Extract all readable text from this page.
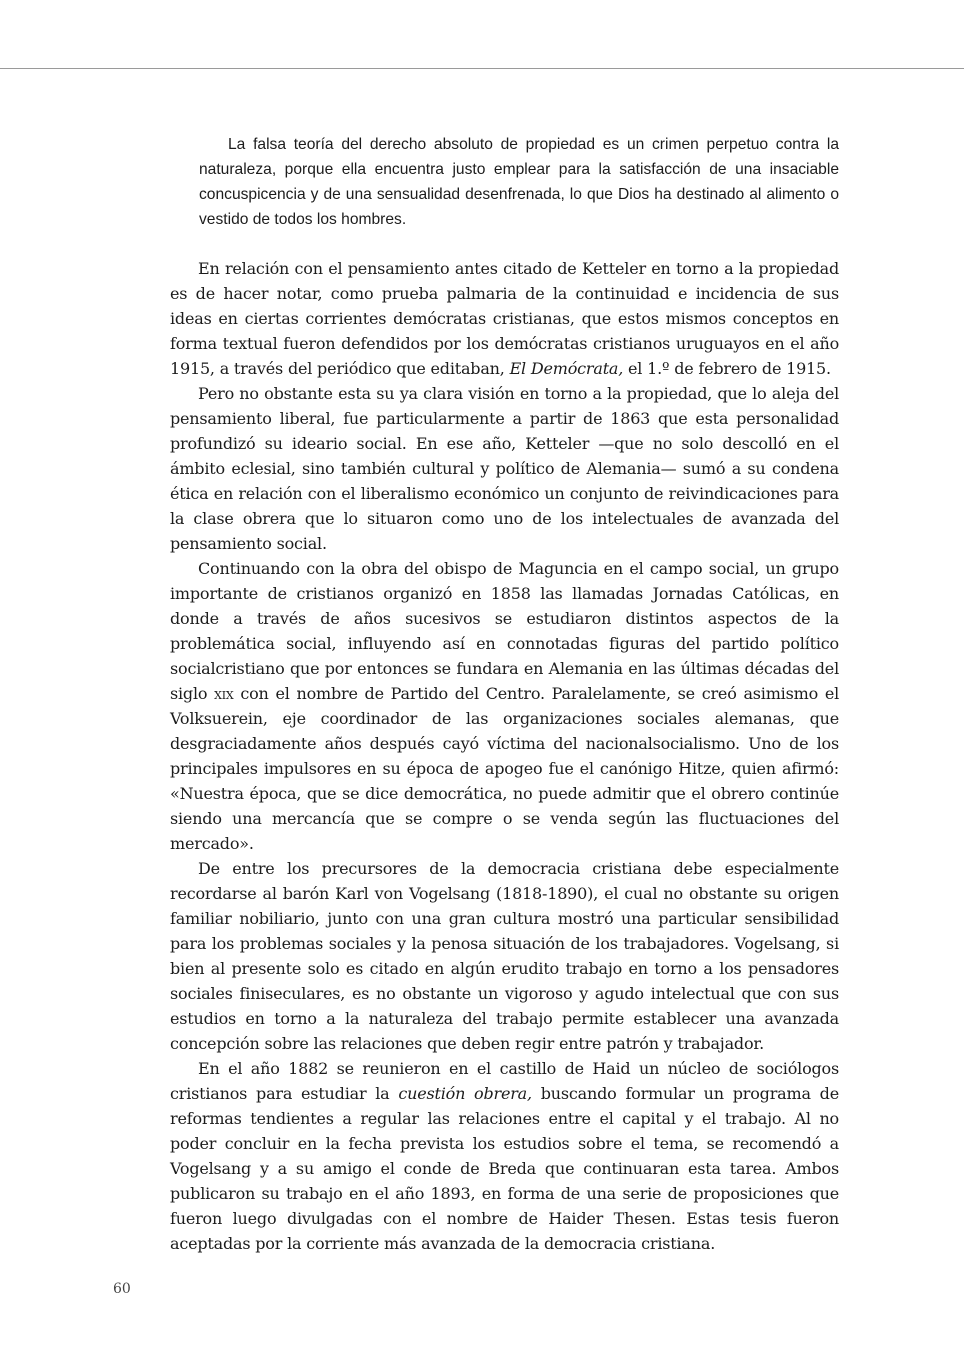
La falsa teoría del derecho absoluto de propiedad es un crimen perpetuo contra la naturaleza, porque ella encuentra justo emplear para la satisfacción de una insaciable concuspicencia y de una sensualidad desenfrenada, lo que Dios ha destinado al alimento o vestido de todos los hombres.

En relación con el pensamiento antes citado de Ketteler en torno a la propiedad es de hacer notar, como prueba palmaria de la continuidad e incidencia de sus ideas en ciertas corrientes demócratas cristianas, que estos mismos conceptos en forma textual fueron defendidos por los demócratas cristianos uruguayos en el año 1915, a través del periódico que editaban, El Demócrata, el 1.º de febrero de 1915.

Pero no obstante esta su ya clara visión en torno a la propiedad, que lo aleja del pensamiento liberal, fue particularmente a partir de 1863 que esta personalidad profundizó su ideario social. En ese año, Ketteler —que no solo descolló en el ámbito eclesial, sino también cultural y político de Alemania— sumó a su condena ética en relación con el liberalismo económico un conjunto de reivindicaciones para la clase obrera que lo situaron como uno de los intelectuales de avanzada del pensamiento social.

Continuando con la obra del obispo de Maguncia en el campo social, un grupo importante de cristianos organizó en 1858 las llamadas Jornadas Católicas, en donde a través de años sucesivos se estudiaron distintos aspectos de la problemática social, influyendo así en connotadas figuras del partido político socialcristiano que por entonces se fundara en Alemania en las últimas décadas del siglo xix con el nombre de Partido del Centro. Paralelamente, se creó asimismo el Volksuerein, eje coordinador de las organizaciones sociales alemanas, que desgraciadamente años después cayó víctima del nacionalsocialismo. Uno de los principales impulsores en su época de apogeo fue el canónigo Hitze, quien afirmó: «Nuestra época, que se dice democrática, no puede admitir que el obrero continúe siendo una mercancía que se compre o se venda según las fluctuaciones del mercado».

De entre los precursores de la democracia cristiana debe especialmente recordarse al barón Karl von Vogelsang (1818-1890), el cual no obstante su origen familiar nobiliario, junto con una gran cultura mostró una particular sensibilidad para los problemas sociales y la penosa situación de los trabajadores. Vogelsang, si bien al presente solo es citado en algún erudito trabajo en torno a los pensadores sociales finiseculares, es no obstante un vigoroso y agudo intelectual que con sus estudios en torno a la naturaleza del trabajo permite establecer una avanzada concepción sobre las relaciones que deben regir entre patrón y trabajador.

En el año 1882 se reunieron en el castillo de Haid un núcleo de sociólogos cristianos para estudiar la cuestión obrera, buscando formular un programa de reformas tendientes a regular las relaciones entre el capital y el trabajo. Al no poder concluir en la fecha prevista los estudios sobre el tema, se recomendó a Vogelsang y a su amigo el conde de Breda que continuaran esta tarea. Ambos publicaron su trabajo en el año 1893, en forma de una serie de proposiciones que fueron luego divulgadas con el nombre de Haider Thesen. Estas tesis fueron aceptadas por la corriente más avanzada de la democracia cristiana.

60
